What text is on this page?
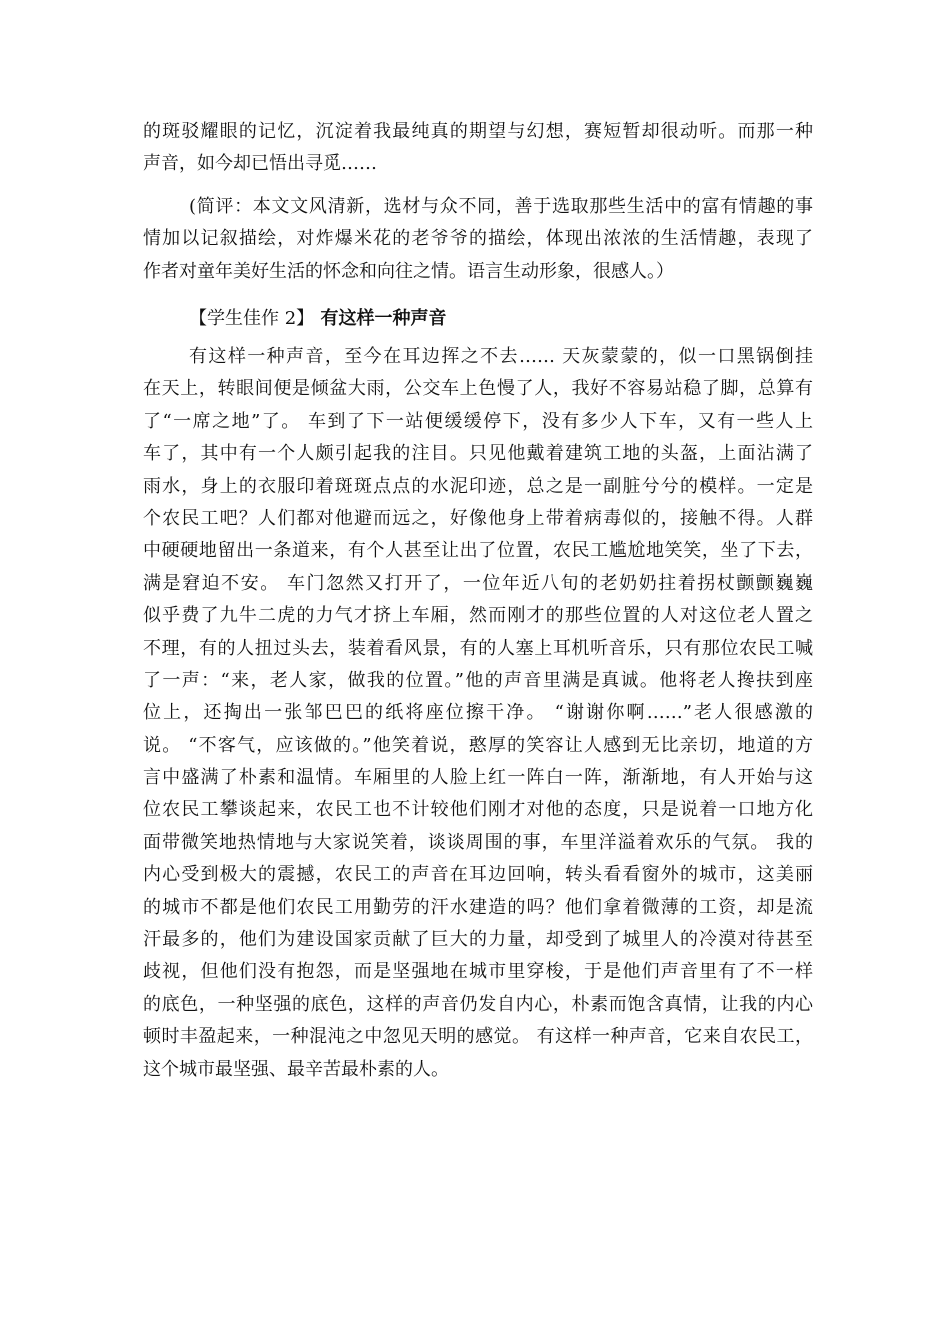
的斑驳耀眼的记忆，沉淀着我最纯真的期望与幻想，赛短暂却很动听。而那一种
声音，如今却已悟出寻觅……
(简评：本文文风清新，选材与众不同，善于选取那些生活中的富有情趣的事
情加以记叙描绘，对炸爆米花的老爷爷的描绘，体现出浓浓的生活情趣，表现了
作者对童年美好生活的怀念和向往之情。语言生动形象，很感人。）
【学生佳作 2】 有这样一种声音
有这样一种声音，至今在耳边挥之不去…… 天灰蒙蒙的，似一口黑锅倒挂
在天上，转眼间便是倾盆大雨，公交车上色慢了人，我好不容易站稳了脚，总算有
了“一席之地”了。 车到了下一站便缓缓停下，没有多少人下车，又有一些人上
车了，其中有一个人颇引起我的注目。只见他戴着建筑工地的头盔，上面沾满了
雨水，身上的衣服印着斑斑点点的水泥印迹，总之是一副脏兮兮的模样。一定是
个农民工吧？人们都对他避而远之，好像他身上带着病毒似的，接触不得。人群
中硬硬地留出一条道来，有个人甚至让出了位置，农民工尴尬地笑笑，坐了下去，
满是窘迫不安。 车门忽然又打开了，一位年近八旬的老奶奶拄着拐杖颤颤巍巍
似乎费了九牛二虎的力气才挤上车厢，然而刚才的那些位置的人对这位老人置之
不理，有的人扭过头去，装着看风景，有的人塞上耳机听音乐，只有那位农民工喊
了一声：“来，老人家，做我的位置。”他的声音里满是真诚。他将老人搀扶到座
位上，还掏出一张邹巴巴的纸将座位擦干净。 “谢谢你啊……”老人很感激的
说。 “不客气，应该做的。”他笑着说，憨厚的笑容让人感到无比亲切，地道的方
言中盛满了朴素和温情。车厢里的人脸上红一阵白一阵，渐渐地，有人开始与这
位农民工攀谈起来，农民工也不计较他们刚才对他的态度，只是说着一口地方化
面带微笑地热情地与大家说笑着，谈谈周围的事，车里洋溢着欢乐的气氛。 我的
内心受到极大的震撼，农民工的声音在耳边回响，转头看看窗外的城市，这美丽
的城市不都是他们农民工用勤劳的汗水建造的吗？他们拿着微薄的工资，却是流
汗最多的，他们为建设国家贡献了巨大的力量，却受到了城里人的冷漠对待甚至
歧视，但他们没有抱怨，而是坚强地在城市里穿梭，于是他们声音里有了不一样
的底色，一种坚强的底色，这样的声音仍发自内心，朴素而饱含真情，让我的内心
顿时丰盈起来，一种混沌之中忽见天明的感觉。 有这样一种声音，它来自农民工，
这个城市最坚强、最辛苦最朴素的人。
